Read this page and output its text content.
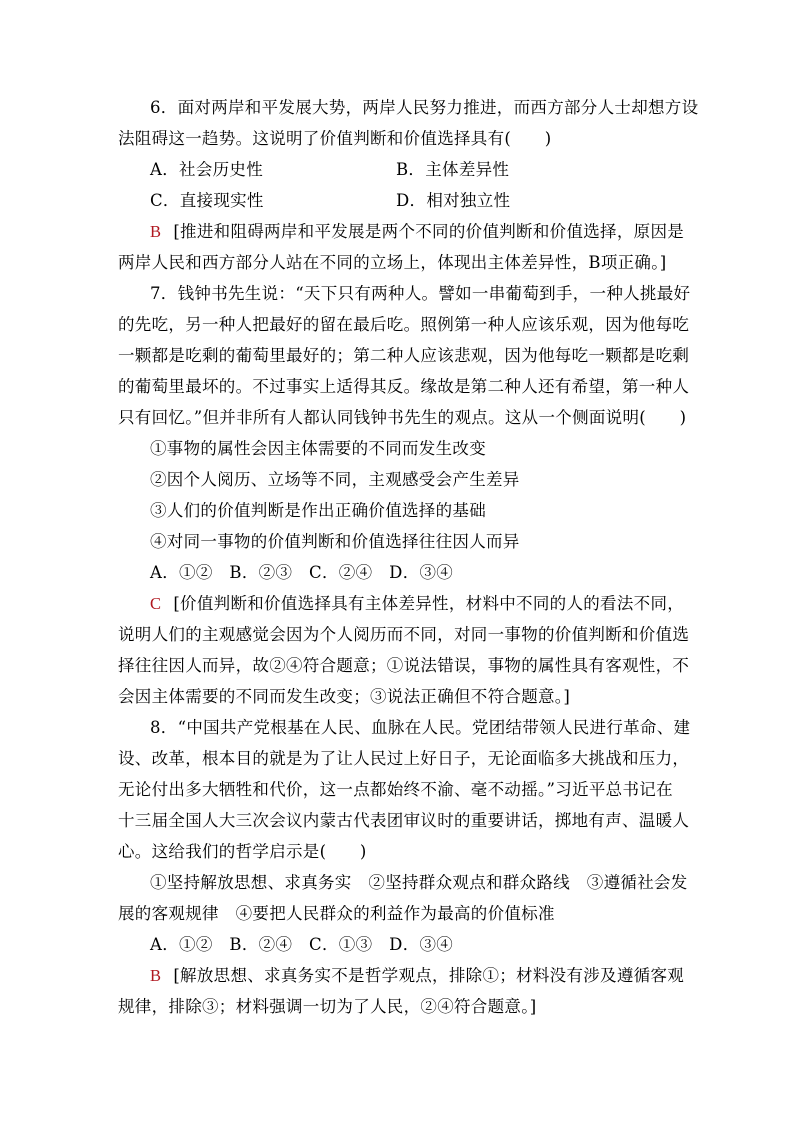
6．面对两岸和平发展大势，两岸人民努力推进，而西方部分人士却想方设
法阻碍这一趋势。这说明了价值判断和价值选择具有(　　)
A．社会历史性	B．主体差异性
C．直接现实性	D．相对独立性
B [推进和阻碍两岸和平发展是两个不同的价值判断和价值选择，原因是
两岸人民和西方部分人站在不同的立场上，体现出主体差异性，B项正确。]
7．钱钟书先生说：“天下只有两种人。譬如一串葡萄到手，一种人挑最好
的先吃，另一种人把最好的留在最后吃。照例第一种人应该乐观，因为他每吃
一颗都是吃剩的葡萄里最好的；第二种人应该悲观，因为他每吃一颗都是吃剩
的葡萄里最坏的。不过事实上适得其反。缘故是第二种人还有希望，第一种人
只有回忆。”但并非所有人都认同钱钟书先生的观点。这从一个侧面说明(　　)
①事物的属性会因主体需要的不同而发生改变
②因个人阅历、立场等不同，主观感受会产生差异
③人们的价值判断是作出正确价值选择的基础
④对同一事物的价值判断和价值选择往往因人而异
A．①②　B．②③　C．②④　D．③④
C [价值判断和价值选择具有主体差异性，材料中不同的人的看法不同，
说明人们的主观感觉会因为个人阅历而不同，对同一事物的价值判断和价值选
择往往因人而异，故②④符合题意；①说法错误，事物的属性具有客观性，不
会因主体需要的不同而发生改变；③说法正确但不符合题意。]
8．“中国共产党根基在人民、血脉在人民。党团结带领人民进行革命、建
设、改革，根本目的就是为了让人民过上好日子，无论面临多大挑战和压力，
无论付出多大牺牲和代价，这一点都始终不渝、毫不动摇。”习近平总书记在
十三届全国人大三次会议内蒙古代表团审议时的重要讲话，掷地有声、温暖人
心。这给我们的哲学启示是(　　)
①坚持解放思想、求真务实　②坚持群众观点和群众路线　③遵循社会发
展的客观规律　④要把人民群众的利益作为最高的价值标准
A．①②　B．②④　C．①③　D．③④
B [解放思想、求真务实不是哲学观点，排除①；材料没有涉及遵循客观
规律，排除③；材料强调一切为了人民，②④符合题意。]
